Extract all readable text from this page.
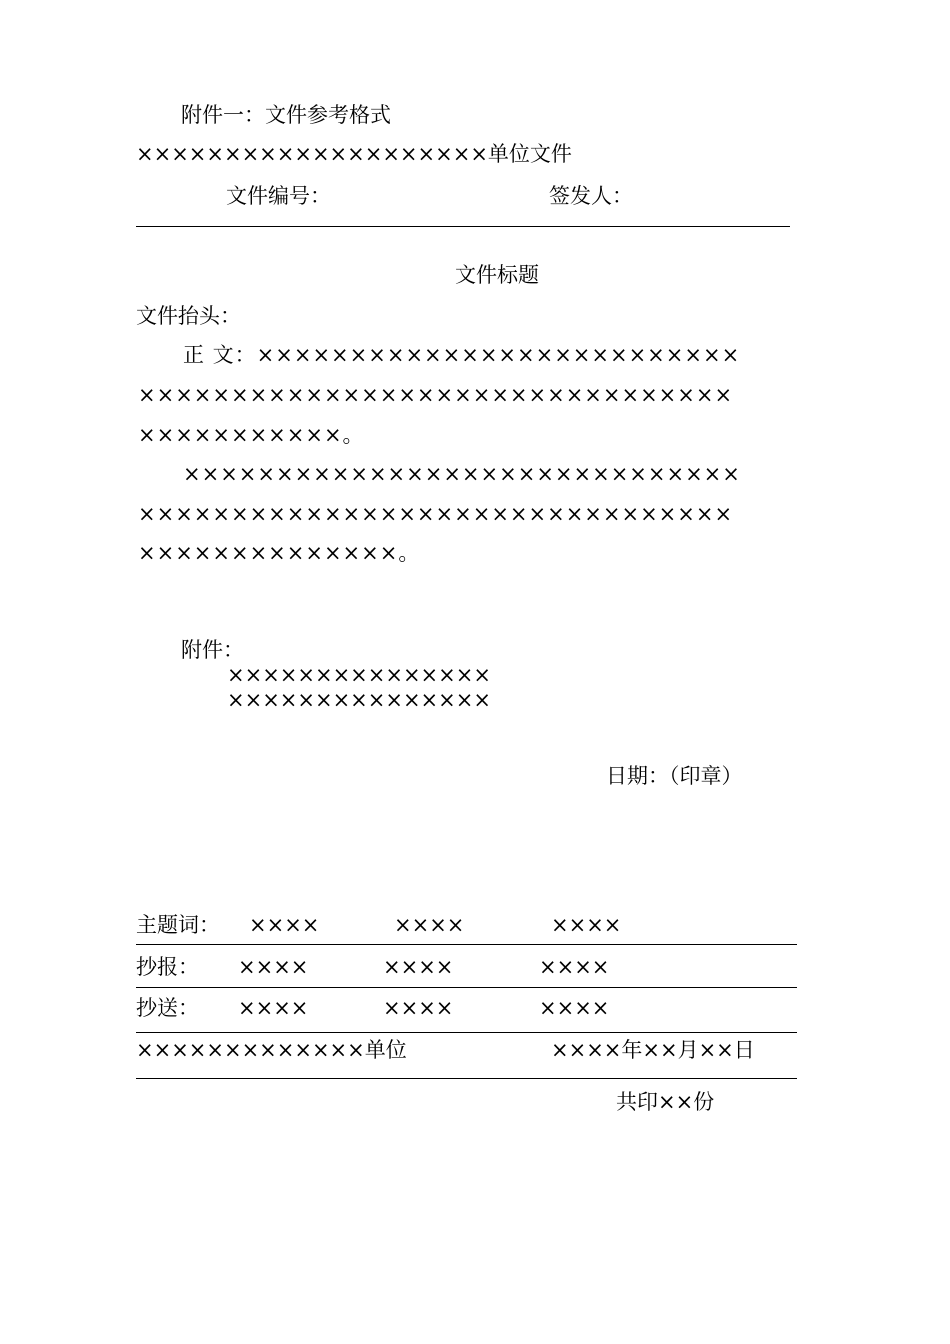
附件一：文件参考格式
××××××××××××××××××××单位文件
文件编号：	签发人：
文件标题
文件抬头：
正 文：××××××××××××××××××××××××××
××××××××××××××××××××××××××××××××
×××××××××××。
××××××××××××××××××××××××××××××
××××××××××××××××××××××××××××××××
××××××××××××××。
附件：
×××××××××××××××
×××××××××××××××
日期：（印章）
主题词： ××××	××××	××××
抄报： ××××	××××	××××
抄送： ××××	××××	××××
×××××××××××××单位	××××年××月××日
共印××份
